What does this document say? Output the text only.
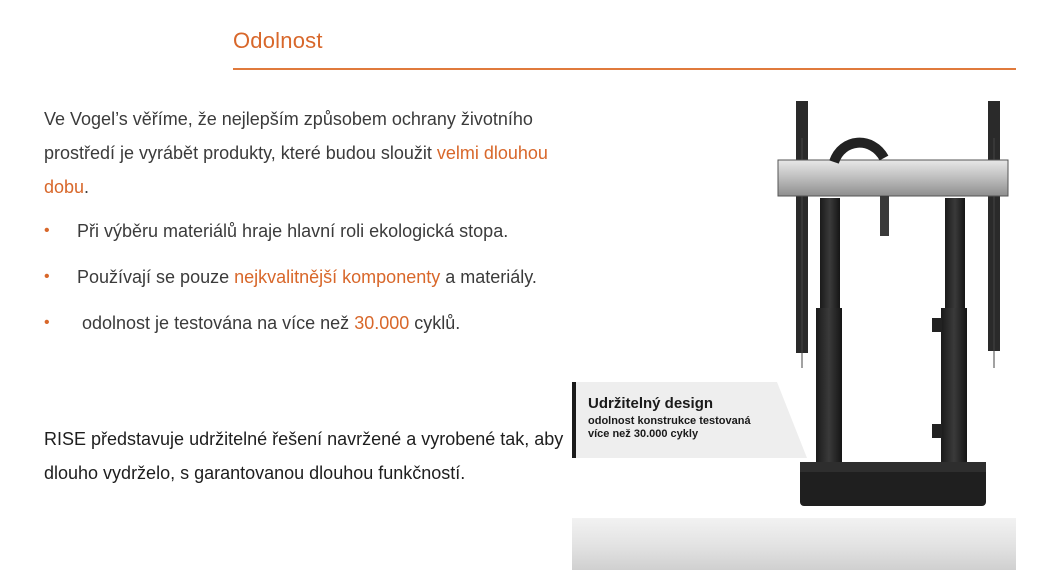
Odolnost
Ve Vogel’s věříme, že nejlepším způsobem ochrany životního prostředí je vyrábět produkty, které budou sloužit velmi dlouhou dobu.
• Při výběru materiálů hraje hlavní roli ekologická stopa.
• Používají se pouze nejkvalitnější komponenty a materiály.
• odolnost je testována na více než 30.000 cyklů.
RISE představuje udržitelné řešení navržené a vyrobené tak, aby dlouho vydrželo, s garantovanou dlouhou funkčností.
Udržitelný design
odolnost konstrukce testovaná
více než 30.000 cykly
